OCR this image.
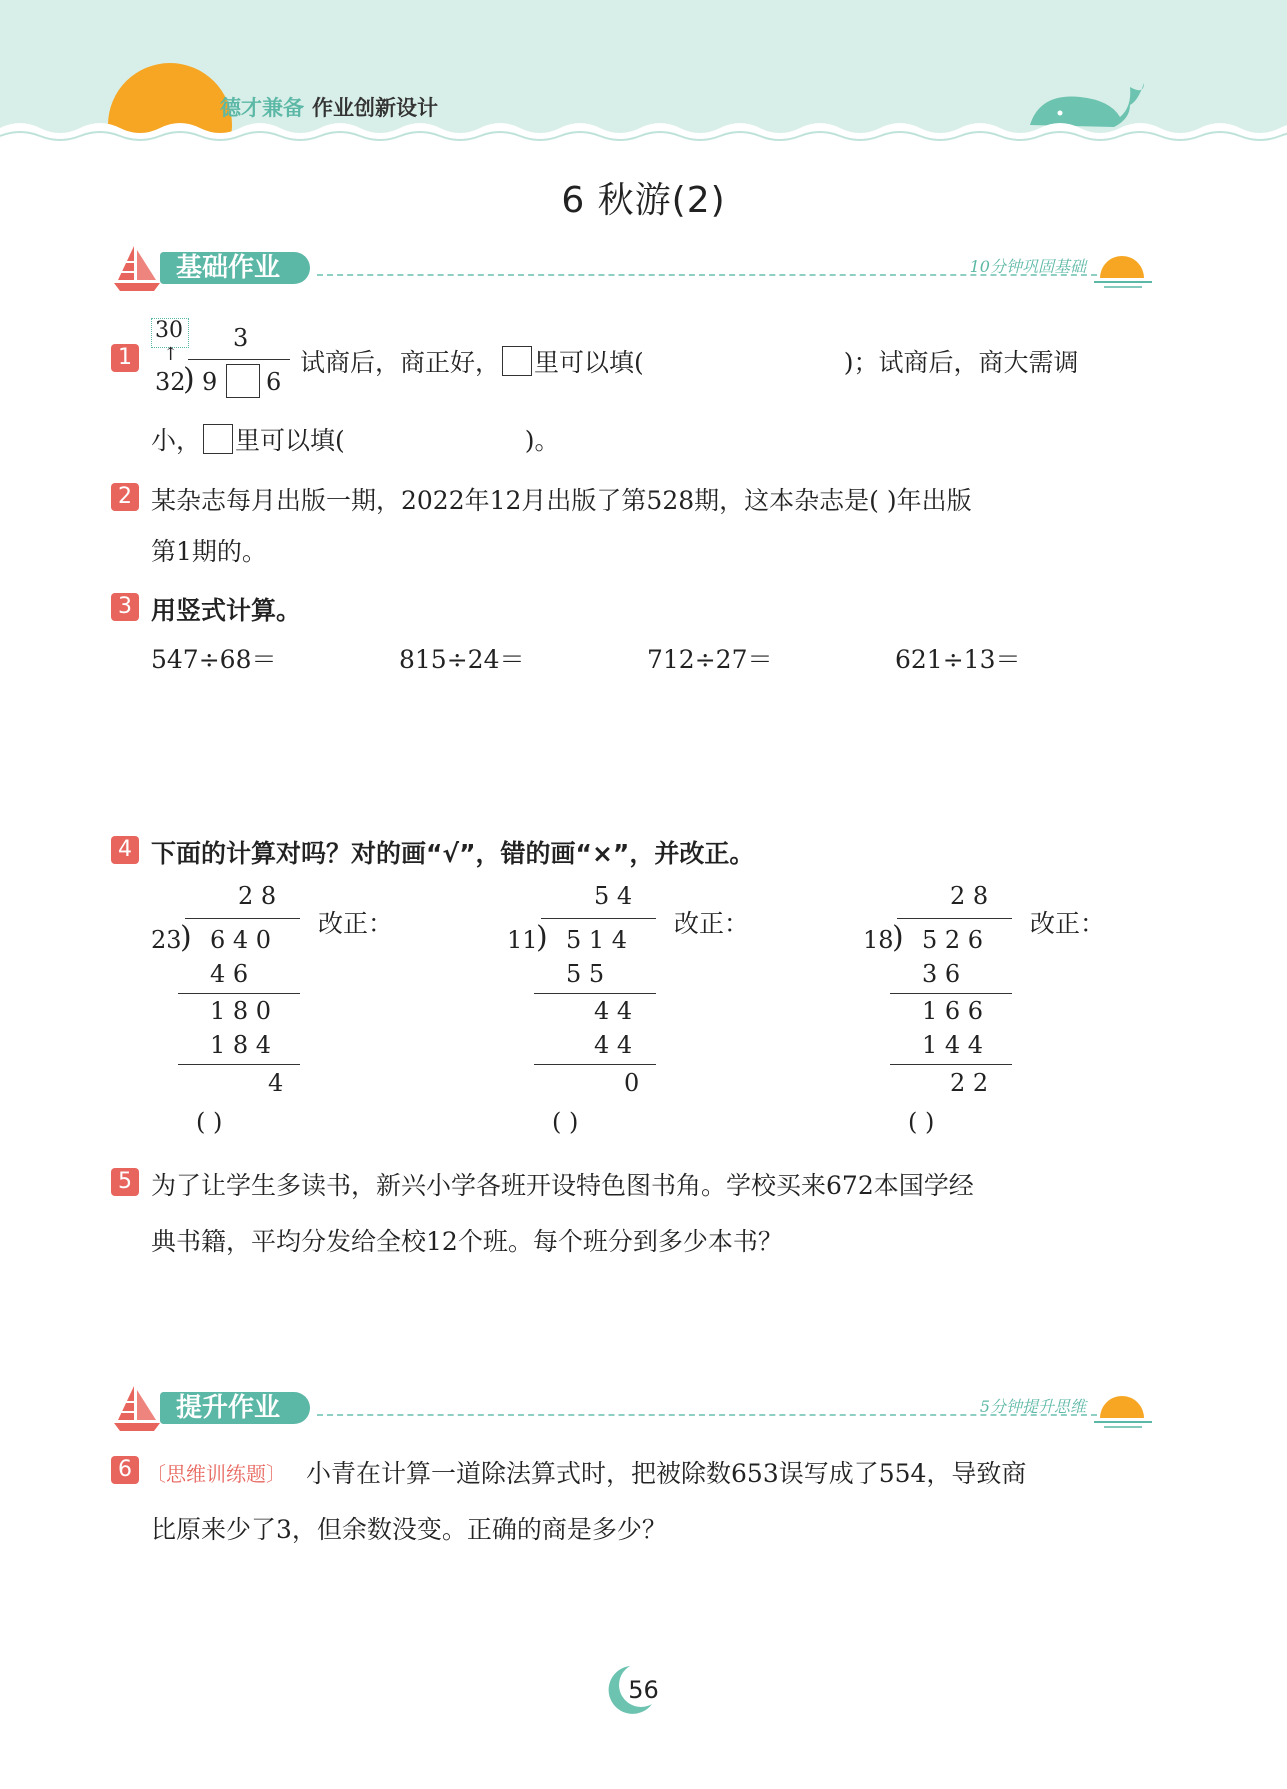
德才兼备 作业创新设计
6 秋游(2)
基础作业	10分钟巩固基础
1
30
↑
3
32
) 9 6
试商后，商正好， 里可以填(	)；试商后，商大需调
小， 里可以填(	)。
2 某杂志每月出版一期，2022年12月出版了第528期，这本杂志是( )年出版
第1期的。
3 用竖式计算。
547÷68＝	815÷24＝	712÷27＝	621÷13＝
4 下面的计算对吗？对的画“√”，错的画“×”，并改正。
2 8
23
) 6 4 0
4 6
1 8 0
1 8 4
4
( )
改正：
5 4
11
) 5 1 4
5 5
4 4
4 4
0
( )
改正：
2 8
18
) 5 2 6
3 6
1 6 6
1 4 4
2 2
( )
改正：
5 为了让学生多读书，新兴小学各班开设特色图书角。学校买来672本国学经
典书籍，平均分发给全校12个班。每个班分到多少本书？
提升作业	5分钟提升思维
6 〔思维训练题〕 小青在计算一道除法算式时，把被除数653误写成了554，导致商
比原来少了3，但余数没变。正确的商是多少？
56
